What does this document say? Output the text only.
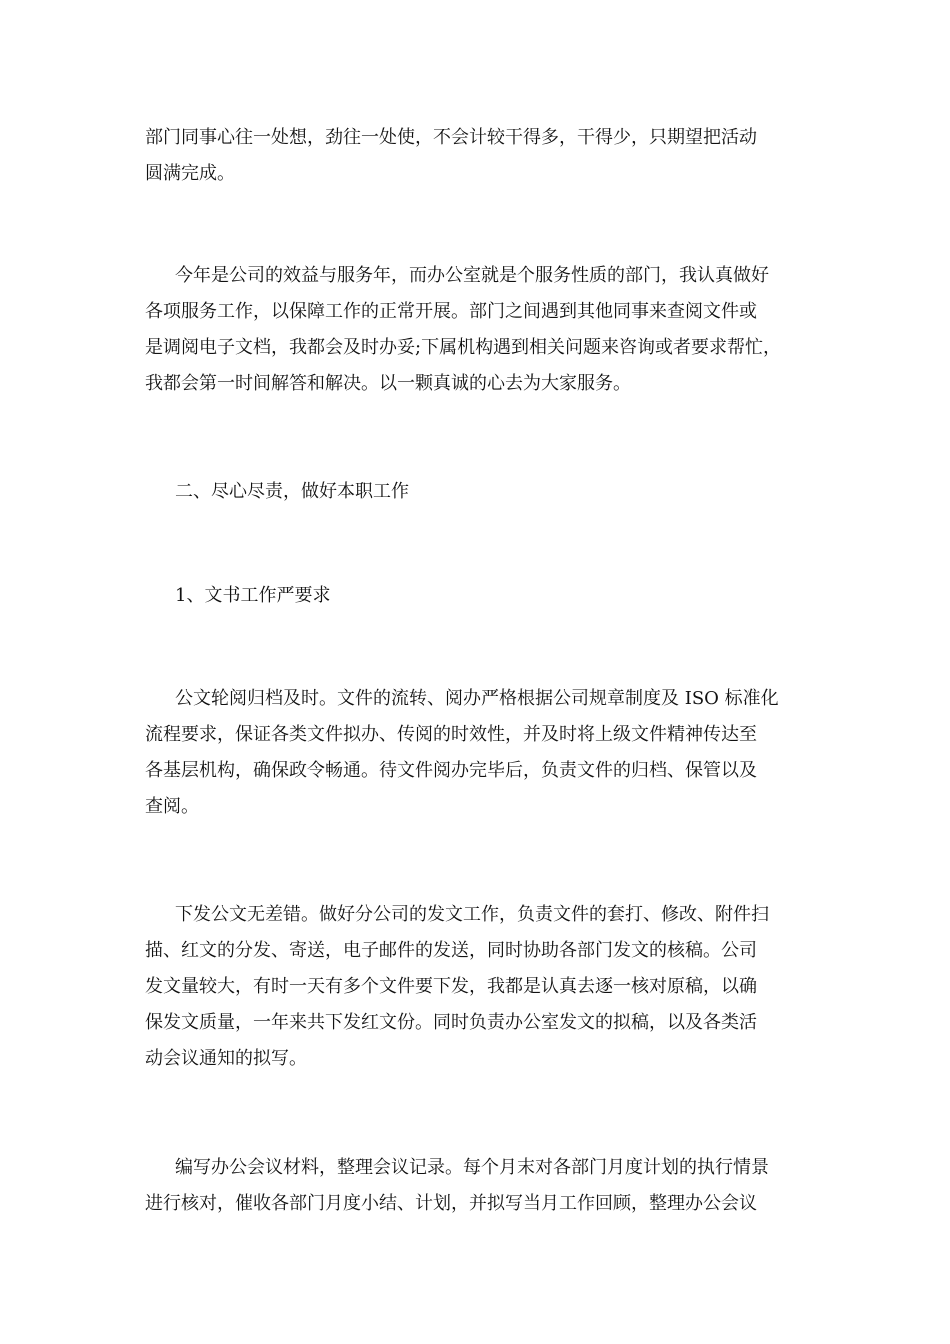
部门同事心往一处想，劲往一处使，不会计较干得多，干得少，只期望把活动
圆满完成。

今年是公司的效益与服务年，而办公室就是个服务性质的部门，我认真做好
各项服务工作，以保障工作的正常开展。部门之间遇到其他同事来查阅文件或
是调阅电子文档，我都会及时办妥;下属机构遇到相关问题来咨询或者要求帮忙，
我都会第一时间解答和解决。以一颗真诚的心去为大家服务。

二、尽心尽责，做好本职工作

1、文书工作严要求

公文轮阅归档及时。文件的流转、阅办严格根据公司规章制度及 ISO 标准化
流程要求，保证各类文件拟办、传阅的时效性，并及时将上级文件精神传达至
各基层机构，确保政令畅通。待文件阅办完毕后，负责文件的归档、保管以及
查阅。

下发公文无差错。做好分公司的发文工作，负责文件的套打、修改、附件扫
描、红文的分发、寄送，电子邮件的发送，同时协助各部门发文的核稿。公司
发文量较大，有时一天有多个文件要下发，我都是认真去逐一核对原稿，以确
保发文质量，一年来共下发红文份。同时负责办公室发文的拟稿，以及各类活
动会议通知的拟写。

编写办公会议材料，整理会议记录。每个月末对各部门月度计划的执行情景
进行核对，催收各部门月度小结、计划，并拟写当月工作回顾，整理办公会议
